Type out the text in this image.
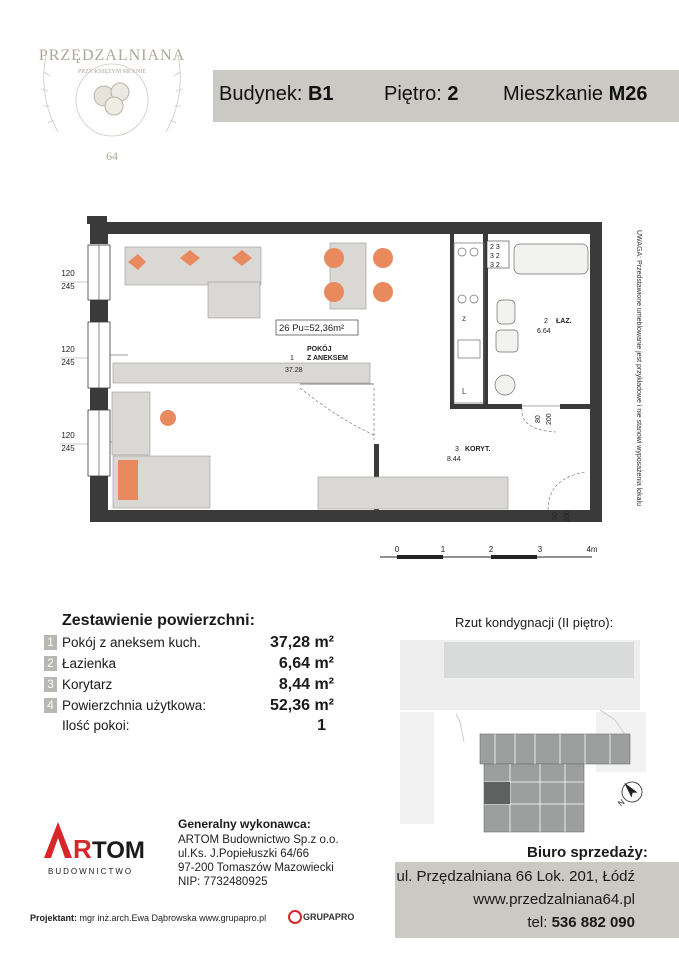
PRZĘDZALNIANA
PRZY KSIĘŻYM MŁYNIE
64
Budynek: B1	Piętro: 2 Mieszkanie M26
120
245
120
245
120
245
z
L
2 3
3 2
3 2
26 Pu=52,36m²
1
POKÓJ
Z ANEKSEM
37.28
2 ŁAZ.
6.64
3 KORYT.
8.44
80 200
90 200
0	1	2	3	4m
UWAGA: Przedstawione umeblowanie jest przykładowe i nie stanowi wyposażenia lokalu
Zestawienie powierzchni:
1 Pokój z aneksem kuch.	37,28 m²
2 Łazienka	6,64 m²
3 Korytarz	8,44 m²
4 Powierzchnia użytkowa:	52,36 m²
Ilość pokoi:	1
Rzut kondygnacji (II piętro):
N
R TOM
BUDOWNICTWO
Generalny wykonawca:
ARTOM Budownictwo Sp.z o.o.
ul.Ks. J.Popiełuszki 64/66
97-200 Tomaszów Mazowiecki
NIP: 7732480925
Biuro sprzedaży:
ul. Przędzalniana 66 Lok. 201, Łódź
www.przedzalniana64.pl
tel: 536 882 090
Projektant: mgr inż.arch.Ewa Dąbrowska www.grupapro.pl	GRUPAPRO
